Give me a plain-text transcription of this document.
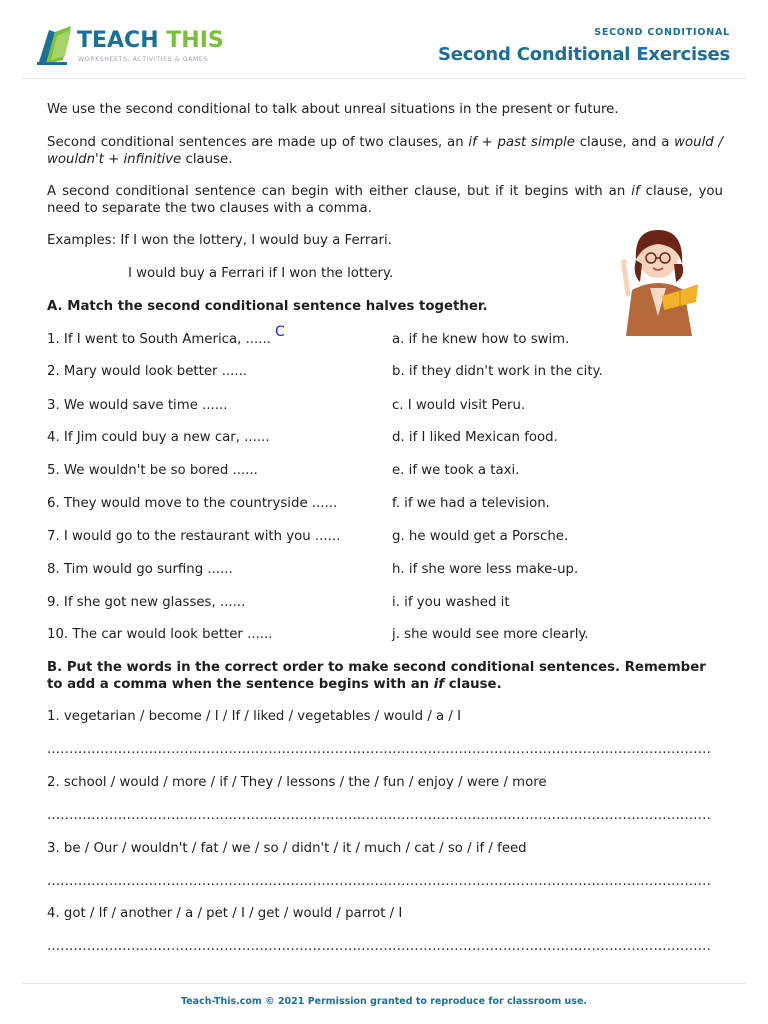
TEACH THIS
WORKSHEETS, ACTIVITIES & GAMES
SECOND CONDITIONAL
Second Conditional Exercises
We use the second conditional to talk about unreal situations in the present or future.
Second conditional sentences are made up of two clauses, an if + past simple clause, and a would / wouldn't + infinitive clause.
A second conditional sentence can begin with either clause, but if it begins with an if clause, you need to separate the two clauses with a comma.
Examples: If I won the lottery, I would buy a Ferrari.
I would buy a Ferrari if I won the lottery.
A. Match the second conditional sentence halves together.
C
1. If I went to South America, ......
2. Mary would look better ......
3. We would save time ......
4. If Jim could buy a new car, ......
5. We wouldn't be so bored ......
6. They would move to the countryside ......
7. I would go to the restaurant with you ......
8. Tim would go surfing ......
9. If she got new glasses, ......
10. The car would look better ......
a. if he knew how to swim.
b. if they didn't work in the city.
c. I would visit Peru.
d. if I liked Mexican food.
e. if we took a taxi.
f. if we had a television.
g. he would get a Porsche.
h. if she wore less make-up.
i. if you washed it
j. she would see more clearly.
B. Put the words in the correct order to make second conditional sentences. Remember to add a comma when the sentence begins with an if clause.
1. vegetarian / become / I / If / liked / vegetables / would / a / I
......................................................................................................................................................
2. school / would / more / if / They / lessons / the / fun / enjoy / were / more
......................................................................................................................................................
3. be / Our / wouldn't / fat / we / so / didn't / it / much / cat / so / if / feed
......................................................................................................................................................
4. got / If / another / a / pet / I / get / would / parrot / I
......................................................................................................................................................
Teach-This.com © 2021 Permission granted to reproduce for classroom use.
